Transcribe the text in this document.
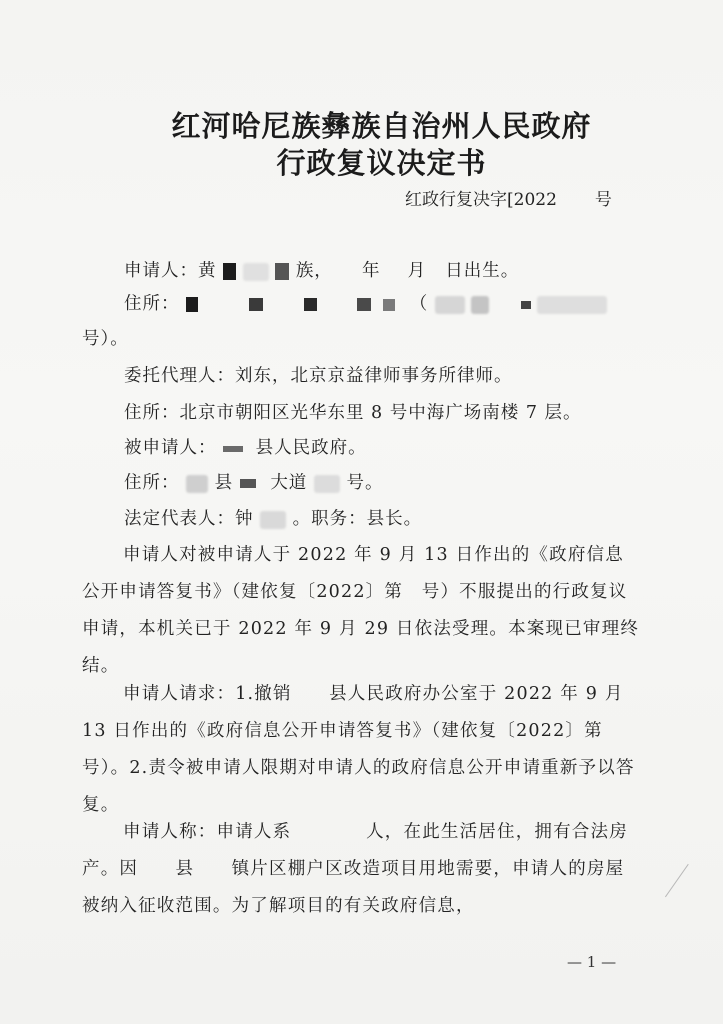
红河哈尼族彝族自治州人民政府
行政复议决定书
红政行复决字[2022 号
申请人：黄	族， 年 月 日出生。
住所：	（
号）。
委托代理人：刘东，北京京益律师事务所律师。
住所：北京市朝阳区光华东里 8 号中海广场南楼 7 层。
被申请人： 县人民政府。
住所： 县 大道 号。
法定代表人：钟 。职务：县长。
申请人对被申请人于 2022 年 9 月 13 日作出的《政府信息公开申请答复书》（建依复〔2022〕第　号）不服提出的行政复议申请，本机关已于 2022 年 9 月 29 日依法受理。本案现已审理终结。
申请人请求：1.撤销　　县人民政府办公室于 2022 年 9 月 13 日作出的《政府信息公开申请答复书》（建依复〔2022〕第　号）。2.责令被申请人限期对申请人的政府信息公开申请重新予以答复。
申请人称：申请人系　　　　人，在此生活居住，拥有合法房产。因　　县　　镇片区棚户区改造项目用地需要，申请人的房屋被纳入征收范围。为了解项目的有关政府信息，
— 1 —
